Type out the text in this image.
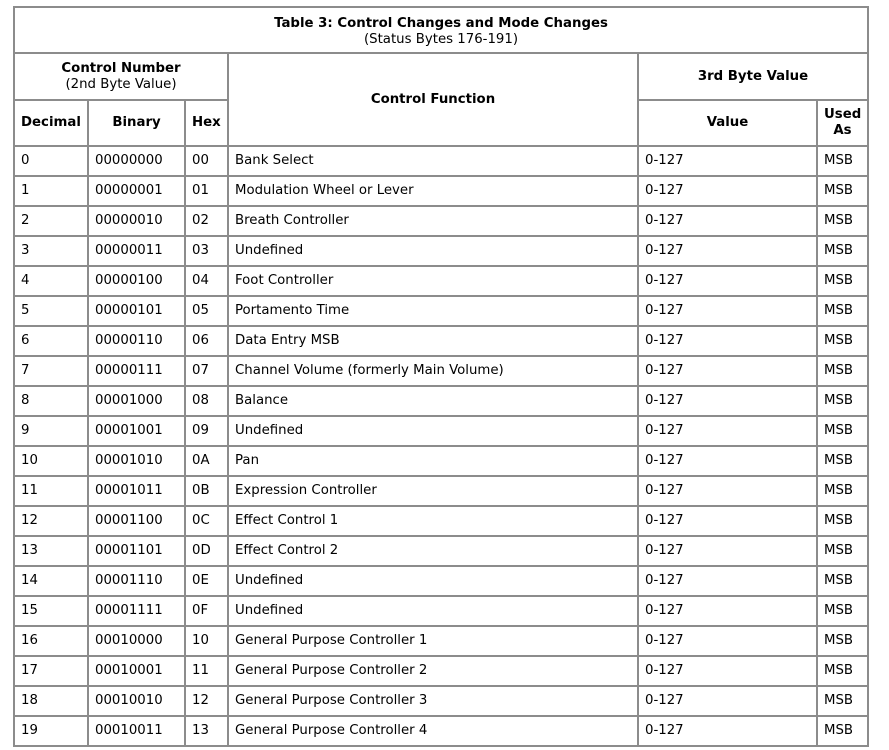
Table 3: Control Changes and Mode Changes
(Status Bytes 176-191)					

Control Number
(2nd Byte Value)			Control Function	3rd Byte Value	
Decimal	Binary	Hex		Value	Used As
0	00000000	00	Bank Select	0-127	MSB
1	00000001	01	Modulation Wheel or Lever	0-127	MSB
2	00000010	02	Breath Controller	0-127	MSB
3	00000011	03	Undefined	0-127	MSB
4	00000100	04	Foot Controller	0-127	MSB
5	00000101	05	Portamento Time	0-127	MSB
6	00000110	06	Data Entry MSB	0-127	MSB
7	00000111	07	Channel Volume (formerly Main Volume)	0-127	MSB
8	00001000	08	Balance	0-127	MSB
9	00001001	09	Undefined	0-127	MSB
10	00001010	0A	Pan	0-127	MSB
11	00001011	0B	Expression Controller	0-127	MSB
12	00001100	0C	Effect Control 1	0-127	MSB
13	00001101	0D	Effect Control 2	0-127	MSB
14	00001110	0E	Undefined	0-127	MSB
15	00001111	0F	Undefined	0-127	MSB
16	00010000	10	General Purpose Controller 1	0-127	MSB
17	00010001	11	General Purpose Controller 2	0-127	MSB
18	00010010	12	General Purpose Controller 3	0-127	MSB
19	00010011	13	General Purpose Controller 4	0-127	MSB
